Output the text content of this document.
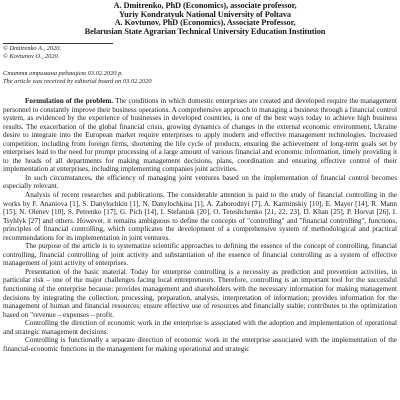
A. Dmitrenko, PhD (Economics), associate professor,
Yuriy Kondratyuk National University of Poltava
A. Kovtunov, PhD (Economics), Associate Professor,
Belarusian State Agrarian Technical University Education Institution
© Dmitrenko A., 2020.
© Kovtunov O., 2020.
Стаття отримана редакцією 03.02.2020 р.
The article was received by editorial board on 03.02.2020

Formulation of the problem. The conditions in which domestic enterprises are created and developed require the management personnel to constantly improve their business operations. A comprehensive approach to managing a business through a financial control system, as evidenced by the experience of businesses in developed countries, is one of the best ways today to achieve high business results. The exacerbation of the global financial crisis, growing dynamics of changes in the external economic environment, Ukraine desire to integrate into the European market require enterprises to apply modern and effective management technologies. Increased competition, including from foreign firms, shortening the life cycle of products, ensuring the achievement of long-term goals set by enterprises lead to the need for prompt processing of a large amount of various financial and economic information, timely providing it to the heads of all departments for making management decisions, plans, coordination and ensuring effective control of their implementation at enterprises, including implementing companies joint activities.

In such circumstances, the efficiency of managing joint ventures based on the implementation of financial control becomes especially relevant.

Analysis of recent researches and publications. The considerable attention is paid to the study of financial controlling in the works by F. Ananiova [1], S. Danylochkin [1], N. Danylochkina [1], A. Zahorodnyi [7], A. Karminskiy [10], E. Mayer [14], R. Mann [15], N. Olenev [10], S. Petrenko [17], G. Pich [14], I. Stefaniuk [20], O. Tereshchenko [21, 22, 23], D. Khan [25], P. Horvat [26], I. Tsyhlyk [27] and others. However, it remains ambiguous to define the concepts of "controlling" and "financial controlling", functions, principles of financial controlling, which complicates the development of a comprehensive system of methodological and practical recommendations for its implementation in joint ventures.

The purpose of the article is to systematize scientific approaches to defining the essence of the concept of controlling, financial controlling, financial controlling of joint activity and substantiation of the essence of financial controlling as a system of effective management of joint activity of enterprises.

Presentation of the basic material. Today for enterprise controlling is a necessity as prediction and prevention activities, in particular risk – one of the major challenges facing local entrepreneurs. Therefore, controlling is an important tool for the successful functioning of the enterprise because: provides management and shareholders with the necessary information for making management decisions by integrating the collection, processing, preparation, analysis, interpretation of information; provides information for the management of human and financial resources; ensure effective use of resources and financially stable; contributes to the optimization based on "revenue – expenses – profit.

Controlling the direction of economic work in the enterprise is associated with the adoption and implementation of operational and strategic management decisions.

Controlling is functionally a separate direction of economic work in the enterprise associated with the implementation of the financial-economic functions in the management for making operational and strategic
